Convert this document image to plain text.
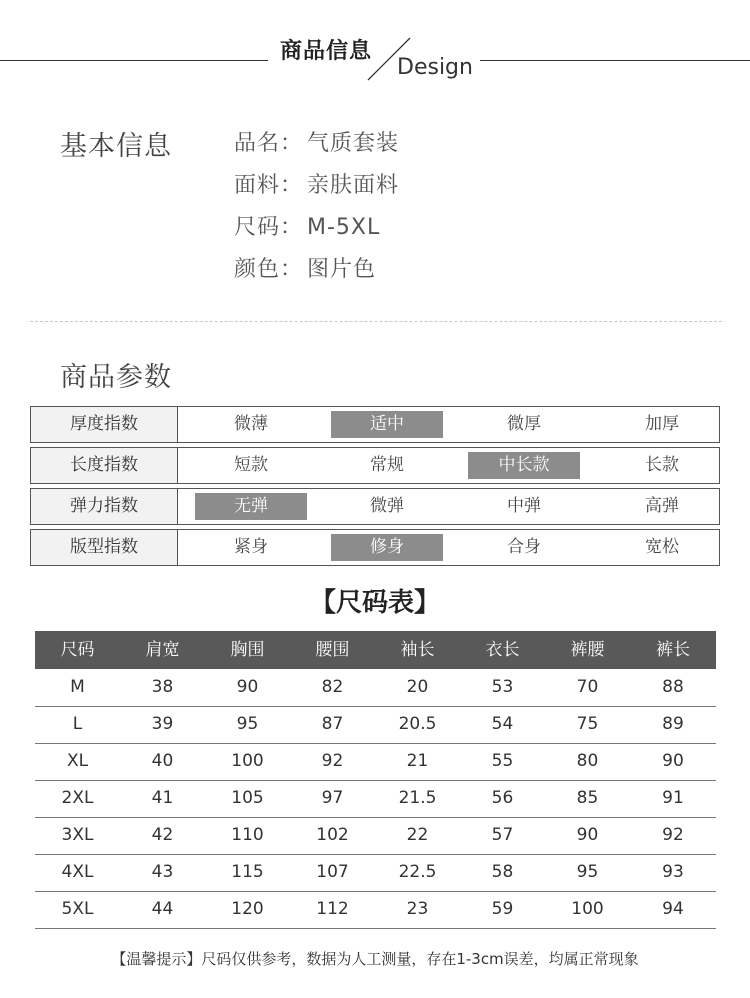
商品信息
Design
基本信息	品名： 气质套装
面料： 亲肤面料
尺码： M-5XL
颜色： 图片色
商品参数
厚度指数	微薄	适中	微厚	加厚
长度指数	短款	常规	中长款	长款
弹力指数	无弹	微弹	中弹	高弹
版型指数	紧身	修身	合身	宽松
【尺码表】
尺码	肩宽	胸围	腰围	袖长	衣长	裤腰	裤长
M	38	90	82	20	53	70	88
L	39	95	87	20.5	54	75	89
XL	40	100	92	21	55	80	90
2XL	41	105	97	21.5	56	85	91
3XL	42	110	102	22	57	90	92
4XL	43	115	107	22.5	58	95	93
5XL	44	120	112	23	59	100	94
【温馨提示】尺码仅供参考，数据为人工测量，存在1-3cm误差，均属正常现象
